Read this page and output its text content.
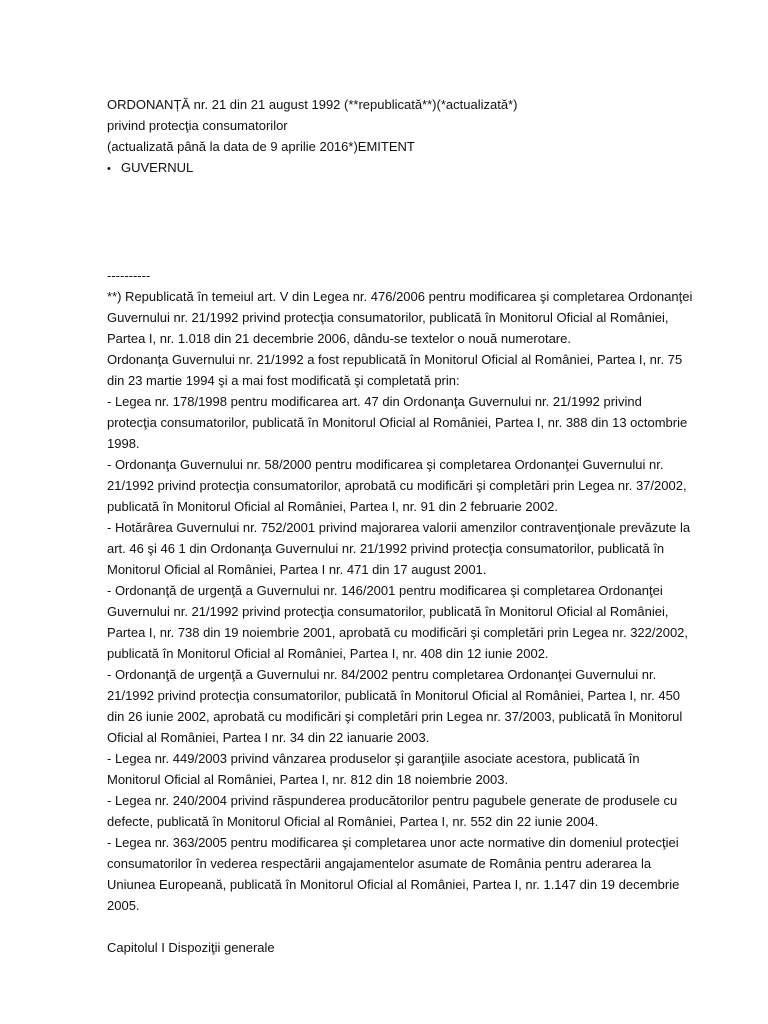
ORDONANȚĂ nr. 21 din 21 august 1992 (**republicată**)(*actualizată*)
privind protecţia consumatorilor
(actualizată până la data de 9 aprilie 2016*)EMITENT
• GUVERNUL
----------

**) Republicată în temeiul art. V din Legea nr. 476/2006 pentru modificarea şi completarea Ordonanţei
Guvernului nr. 21/1992 privind protecţia consumatorilor, publicată în Monitorul Oficial al României,
Partea I, nr. 1.018 din 21 decembrie 2006, dându-se textelor o nouă numerotare.

Ordonanţa Guvernului nr. 21/1992 a fost republicată în Monitorul Oficial al României, Partea I, nr. 75
din 23 martie 1994 şi a mai fost modificată şi completată prin:

- Legea nr. 178/1998 pentru modificarea art. 47 din Ordonanţa Guvernului nr. 21/1992 privind
protecţia consumatorilor, publicată în Monitorul Oficial al României, Partea I, nr. 388 din 13 octombrie
1998.

- Ordonanţa Guvernului nr. 58/2000 pentru modificarea şi completarea Ordonanţei Guvernului nr.
21/1992 privind protecţia consumatorilor, aprobată cu modificări şi completări prin Legea nr. 37/2002,
publicată în Monitorul Oficial al României, Partea I, nr. 91 din 2 februarie 2002.

- Hotărârea Guvernului nr. 752/2001 privind majorarea valorii amenzilor contravenţionale prevăzute la
art. 46 şi 46 1 din Ordonanţa Guvernului nr. 21/1992 privind protecţia consumatorilor, publicată în
Monitorul Oficial al României, Partea I nr. 471 din 17 august 2001.

- Ordonanţă de urgenţă a Guvernului nr. 146/2001 pentru modificarea şi completarea Ordonanţei
Guvernului nr. 21/1992 privind protecţia consumatorilor, publicată în Monitorul Oficial al României,
Partea I, nr. 738 din 19 noiembrie 2001, aprobată cu modificări şi completări prin Legea nr. 322/2002,
publicată în Monitorul Oficial al României, Partea I, nr. 408 din 12 iunie 2002.

- Ordonanţă de urgenţă a Guvernului nr. 84/2002 pentru completarea Ordonanţei Guvernului nr.
21/1992 privind protecţia consumatorilor, publicată în Monitorul Oficial al României, Partea I, nr. 450
din 26 iunie 2002, aprobată cu modificări şi completări prin Legea nr. 37/2003, publicată în Monitorul
Oficial al României, Partea I nr. 34 din 22 ianuarie 2003.

- Legea nr. 449/2003 privind vânzarea produselor şi garanţiile asociate acestora, publicată în
Monitorul Oficial al României, Partea I, nr. 812 din 18 noiembrie 2003.

- Legea nr. 240/2004 privind răspunderea producătorilor pentru pagubele generate de produsele cu
defecte, publicată în Monitorul Oficial al României, Partea I, nr. 552 din 22 iunie 2004.

- Legea nr. 363/2005 pentru modificarea şi completarea unor acte normative din domeniul protecţiei
consumatorilor în vederea respectării angajamentelor asumate de România pentru aderarea la
Uniunea Europeană, publicată în Monitorul Oficial al României, Partea I, nr. 1.147 din 19 decembrie
2005.

Capitolul I Dispoziţii generale
